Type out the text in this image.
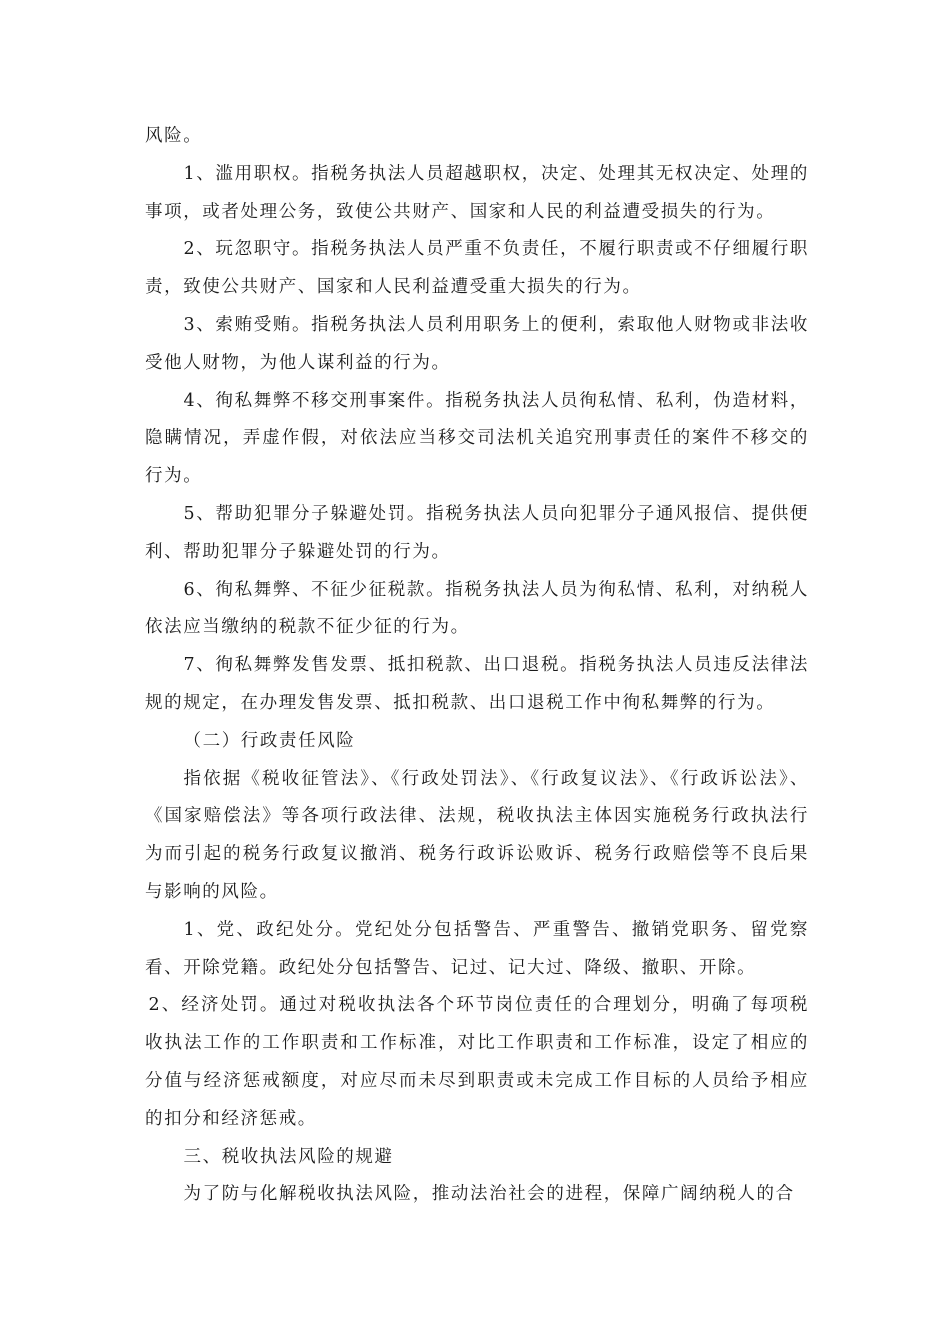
风险。

1、滥用职权。指税务执法人员超越职权，决定、处理其无权决定、处理的事项，或者处理公务，致使公共财产、国家和人民的利益遭受损失的行为。

2、玩忽职守。指税务执法人员严重不负责任，不履行职责或不仔细履行职责，致使公共财产、国家和人民利益遭受重大损失的行为。

3、索贿受贿。指税务执法人员利用职务上的便利，索取他人财物或非法收受他人财物，为他人谋利益的行为。

4、徇私舞弊不移交刑事案件。指税务执法人员徇私情、私利，伪造材料，隐瞒情况，弄虚作假，对依法应当移交司法机关追究刑事责任的案件不移交的行为。

5、帮助犯罪分子躲避处罚。指税务执法人员向犯罪分子通风报信、提供便利、帮助犯罪分子躲避处罚的行为。

6、徇私舞弊、不征少征税款。指税务执法人员为徇私情、私利，对纳税人依法应当缴纳的税款不征少征的行为。

7、徇私舞弊发售发票、抵扣税款、出口退税。指税务执法人员违反法律法规的规定，在办理发售发票、抵扣税款、出口退税工作中徇私舞弊的行为。

（二）行政责任风险

指依据《税收征管法》、《行政处罚法》、《行政复议法》、《行政诉讼法》、《国家赔偿法》等各项行政法律、法规，税收执法主体因实施税务行政执法行为而引起的税务行政复议撤消、税务行政诉讼败诉、税务行政赔偿等不良后果与影响的风险。

1、党、政纪处分。党纪处分包括警告、严重警告、撤销党职务、留党察看、开除党籍。政纪处分包括警告、记过、记大过、降级、撤职、开除。

2、经济处罚。通过对税收执法各个环节岗位责任的合理划分，明确了每项税收执法工作的工作职责和工作标准，对比工作职责和工作标准，设定了相应的分值与经济惩戒额度，对应尽而未尽到职责或未完成工作目标的人员给予相应的扣分和经济惩戒。

三、税收执法风险的规避

为了防与化解税收执法风险，推动法治社会的进程，保障广阔纳税人的合
